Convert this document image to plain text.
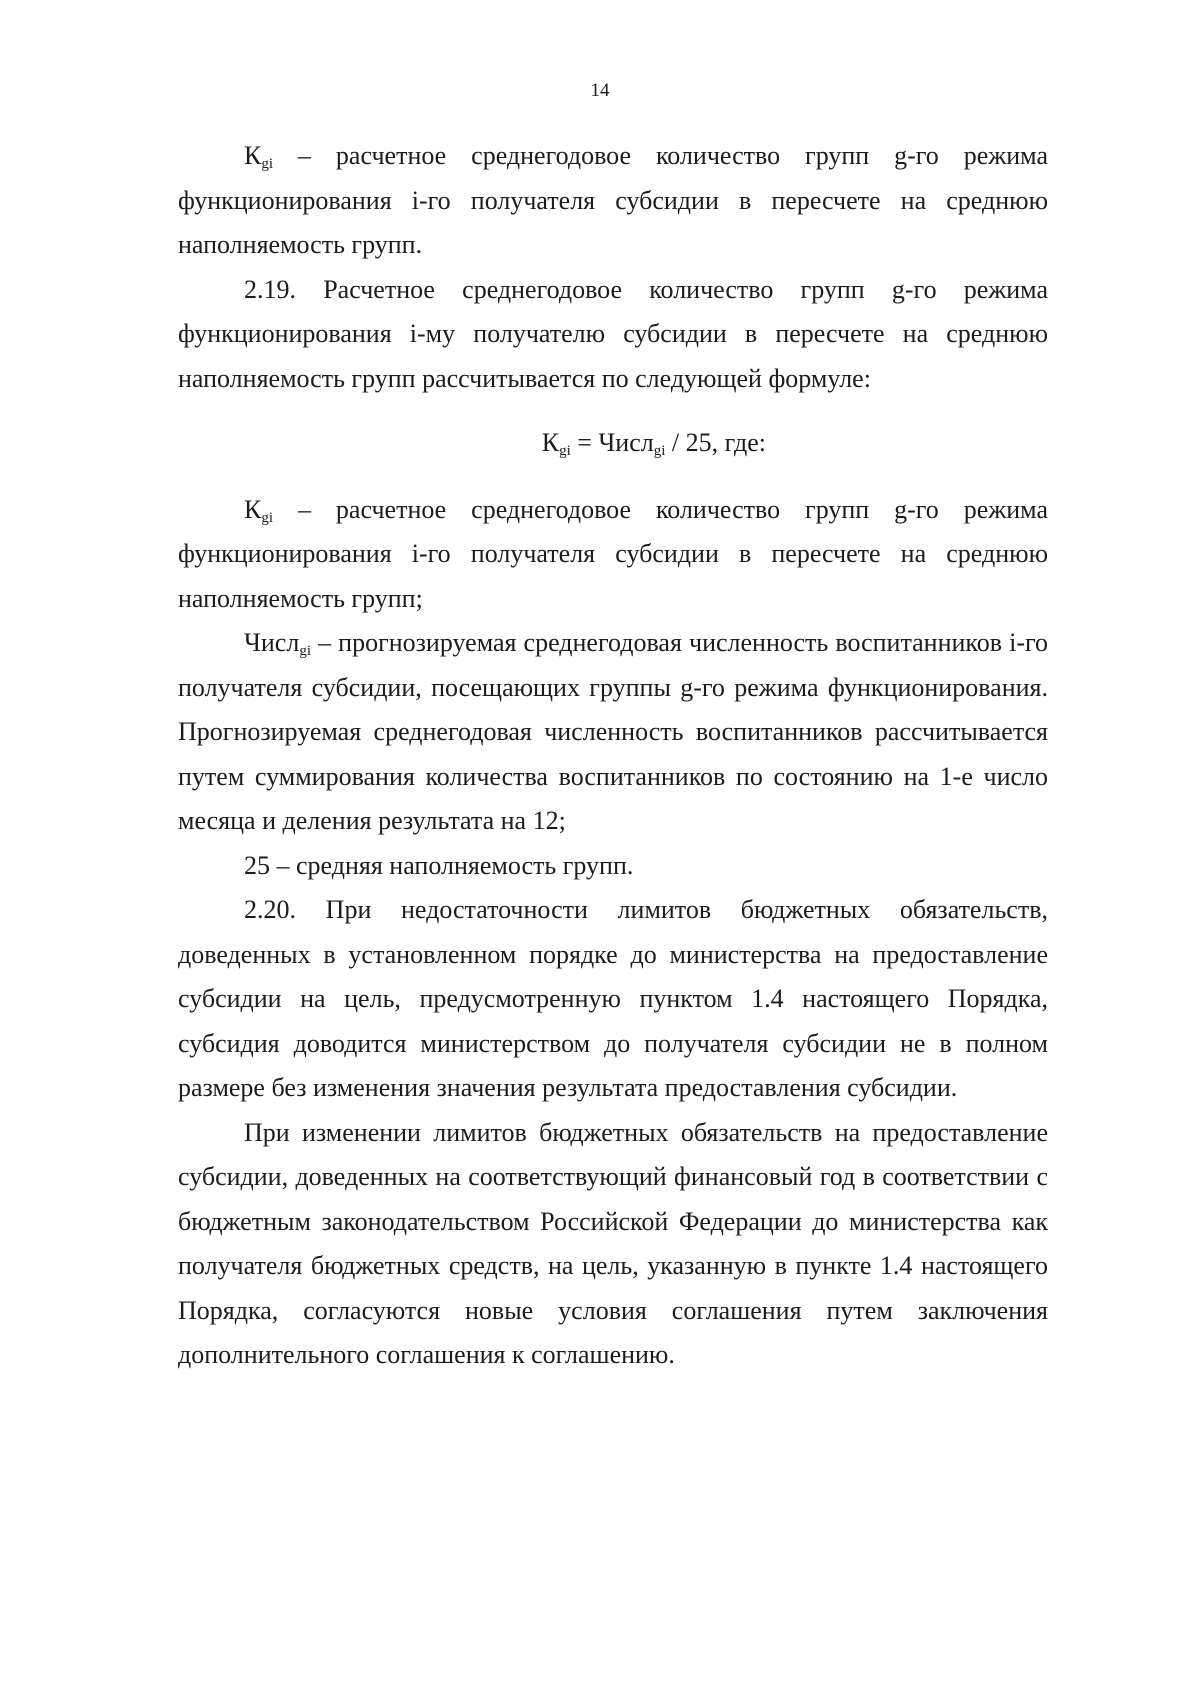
14

$К_{gi}$ – расчетное среднегодовое количество групп g-го режима функционирования i-го получателя субсидии в пересчете на среднюю наполняемость групп.

2.19. Расчетное среднегодовое количество групп g-го режима функционирования i-му получателю субсидии в пересчете на среднюю наполняемость групп рассчитывается по следующей формуле:

$К_{gi}$ = Числ$_{gi}$ / 25, где:

$К_{gi}$ – расчетное среднегодовое количество групп g-го режима функционирования i-го получателя субсидии в пересчете на среднюю наполняемость групп;

Числ$_{gi}$ – прогнозируемая среднегодовая численность воспитанников i-го получателя субсидии, посещающих группы g-го режима функционирования. Прогнозируемая среднегодовая численность воспитанников рассчитывается путем суммирования количества воспитанников по состоянию на 1-е число месяца и деления результата на 12;

25 – средняя наполняемость групп.

2.20. При недостаточности лимитов бюджетных обязательств, доведенных в установленном порядке до министерства на предоставление субсидии на цель, предусмотренную пунктом 1.4 настоящего Порядка, субсидия доводится министерством до получателя субсидии не в полном размере без изменения значения результата предоставления субсидии.

При изменении лимитов бюджетных обязательств на предоставление субсидии, доведенных на соответствующий финансовый год в соответствии с бюджетным законодательством Российской Федерации до министерства как получателя бюджетных средств, на цель, указанную в пункте 1.4 настоящего Порядка, согласуются новые условия соглашения путем заключения дополнительного соглашения к соглашению.
